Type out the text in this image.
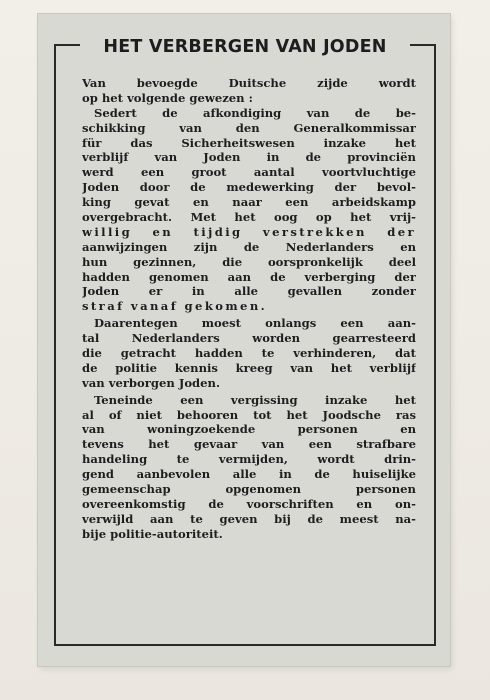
HET VERBERGEN VAN JODEN
Van bevoegde Duitsche zijde wordt
op het volgende gewezen :
Sedert de afkondiging van de be-
schikking van den Generalkommissar
für das Sicherheitswesen inzake het
verblijf van Joden in de provinciën
werd een groot aantal voortvluchtige
Joden door de medewerking der bevol-
king gevat en naar een arbeidskamp
overgebracht. Met het oog op het vrij-
willig en tijdig verstrekken der
aanwijzingen zijn de Nederlanders en
hun gezinnen, die oorspronkelijk deel
hadden genomen aan de verberging der
Joden er in alle gevallen zonder
straf vanaf gekomen.
Daarentegen moest onlangs een aan-
tal Nederlanders worden gearresteerd
die getracht hadden te verhinderen, dat
de politie kennis kreeg van het verblijf
van verborgen Joden.
Teneinde een vergissing inzake het
al of niet behooren tot het Joodsche ras
van woningzoekende personen en
tevens het gevaar van een strafbare
handeling te vermijden, wordt drin-
gend aanbevolen alle in de huiselijke
gemeenschap opgenomen personen
overeenkomstig de voorschriften en on-
verwijld aan te geven bij de meest na-
bije politie-autoriteit.
